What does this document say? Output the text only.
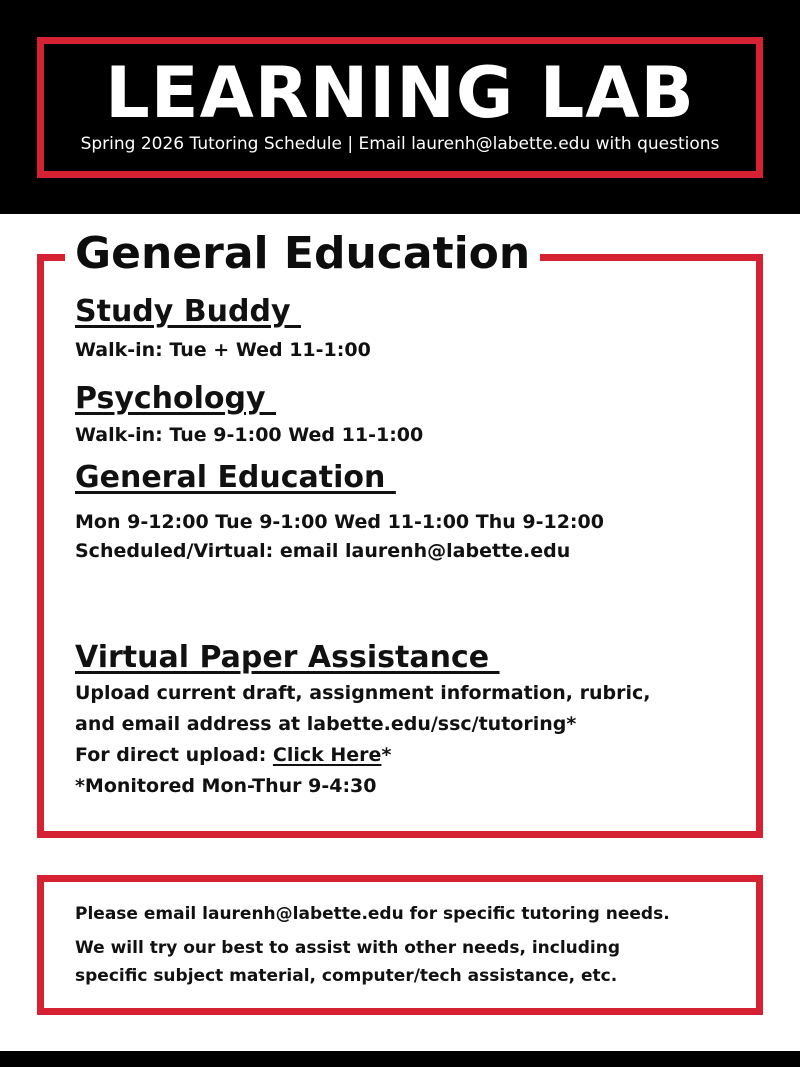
LEARNING LAB
Spring 2026 Tutoring Schedule | Email laurenh@labette.edu with questions
General Education
Study Buddy
Walk-in: Tue + Wed 11-1:00
Psychology
Walk-in: Tue 9-1:00 Wed 11-1:00
General Education
Mon 9-12:00 Tue 9-1:00 Wed 11-1:00 Thu 9-12:00
Scheduled/Virtual: email laurenh@labette.edu
Virtual Paper Assistance
Upload current draft, assignment information, rubric,
and email address at labette.edu/ssc/tutoring*
For direct upload: Click Here*
*Monitored Mon-Thur 9-4:30
Please email laurenh@labette.edu for specific tutoring needs.
We will try our best to assist with other needs, including
specific subject material, computer/tech assistance, etc.
